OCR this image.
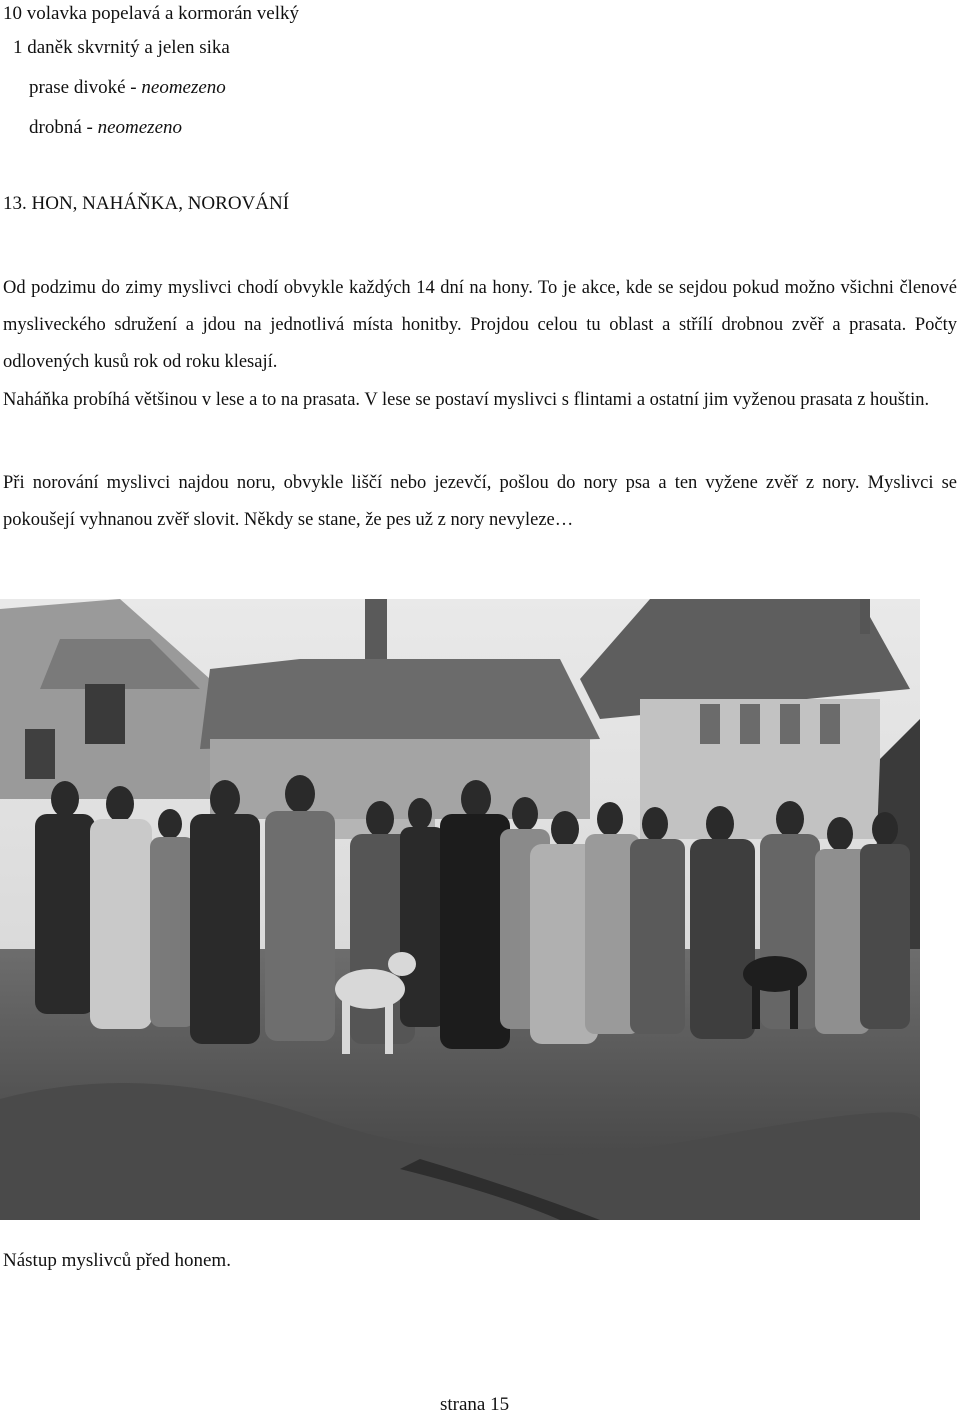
10 volavka popelavá a kormorán velký
1 daněk skvrnitý a jelen sika
prase divoké - neomezeno
drobná - neomezeno
13. HON, NAHÁŇKA, NOROVÁNÍ
Od podzimu do zimy myslivci chodí obvykle každých 14 dní na hony. To je akce, kde se sejdou pokud možno všichni členové mysliveckého sdružení a jdou na jednotlivá místa honitby. Projdou celou tu oblast a střílí drobnou zvěř a prasata. Počty odlovených kusů rok od roku klesají.
Naháňka probíhá většinou v lese a to na prasata. V lese se postaví myslivci s flintami a ostatní jim vyženou prasata z houštin.
Při norování myslivci najdou noru, obvykle liščí nebo jezevčí, pošlou do nory psa a ten vyžene zvěř z nory. Myslivci se pokoušejí vyhnanou zvěř slovit. Někdy se stane, že pes už z nory nevyleze…
Nástup myslivců před honem.
strana 15
